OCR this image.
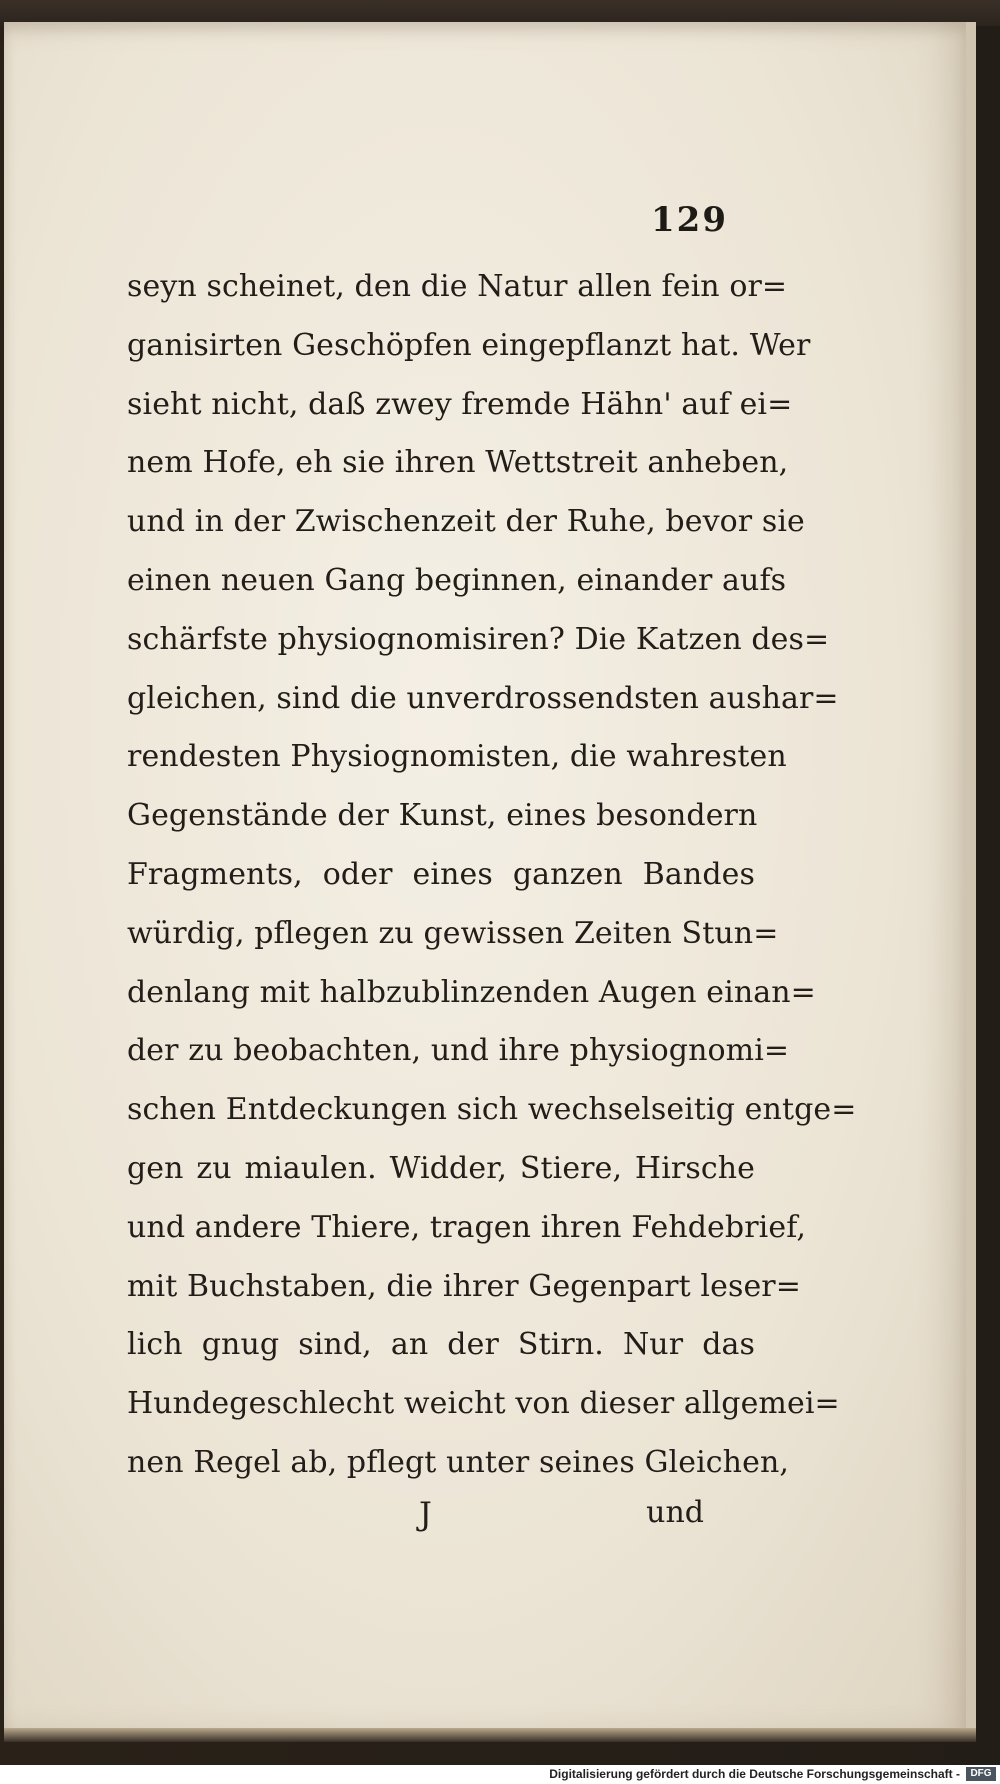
129
seyn scheinet, den die Natur allen fein or=
ganisirten Geschöpfen eingepflanzt hat. Wer
sieht nicht, daß zwey fremde Hähn' auf ei=
nem Hofe, eh sie ihren Wettstreit anheben,
und in der Zwischenzeit der Ruhe, bevor sie
einen neuen Gang beginnen, einander aufs
schärfste physiognomisiren? Die Katzen des=
gleichen, sind die unverdrossendsten aushar=
rendesten Physiognomisten, die wahresten
Gegenstände der Kunst, eines besondern
Fragments, oder eines ganzen Bandes
würdig, pflegen zu gewissen Zeiten Stun=
denlang mit halbzublinzenden Augen einan=
der zu beobachten, und ihre physiognomi=
schen Entdeckungen sich wechselseitig entge=
gen zu miaulen. Widder, Stiere, Hirsche
und andere Thiere, tragen ihren Fehdebrief,
mit Buchstaben, die ihrer Gegenpart leser=
lich gnug sind, an der Stirn. Nur das
Hundegeschlecht weicht von dieser allgemei=
nen Regel ab, pflegt unter seines Gleichen,
J	und
Digitalisierung gefördert durch die Deutsche Forschungsgemeinschaft -	DFG
